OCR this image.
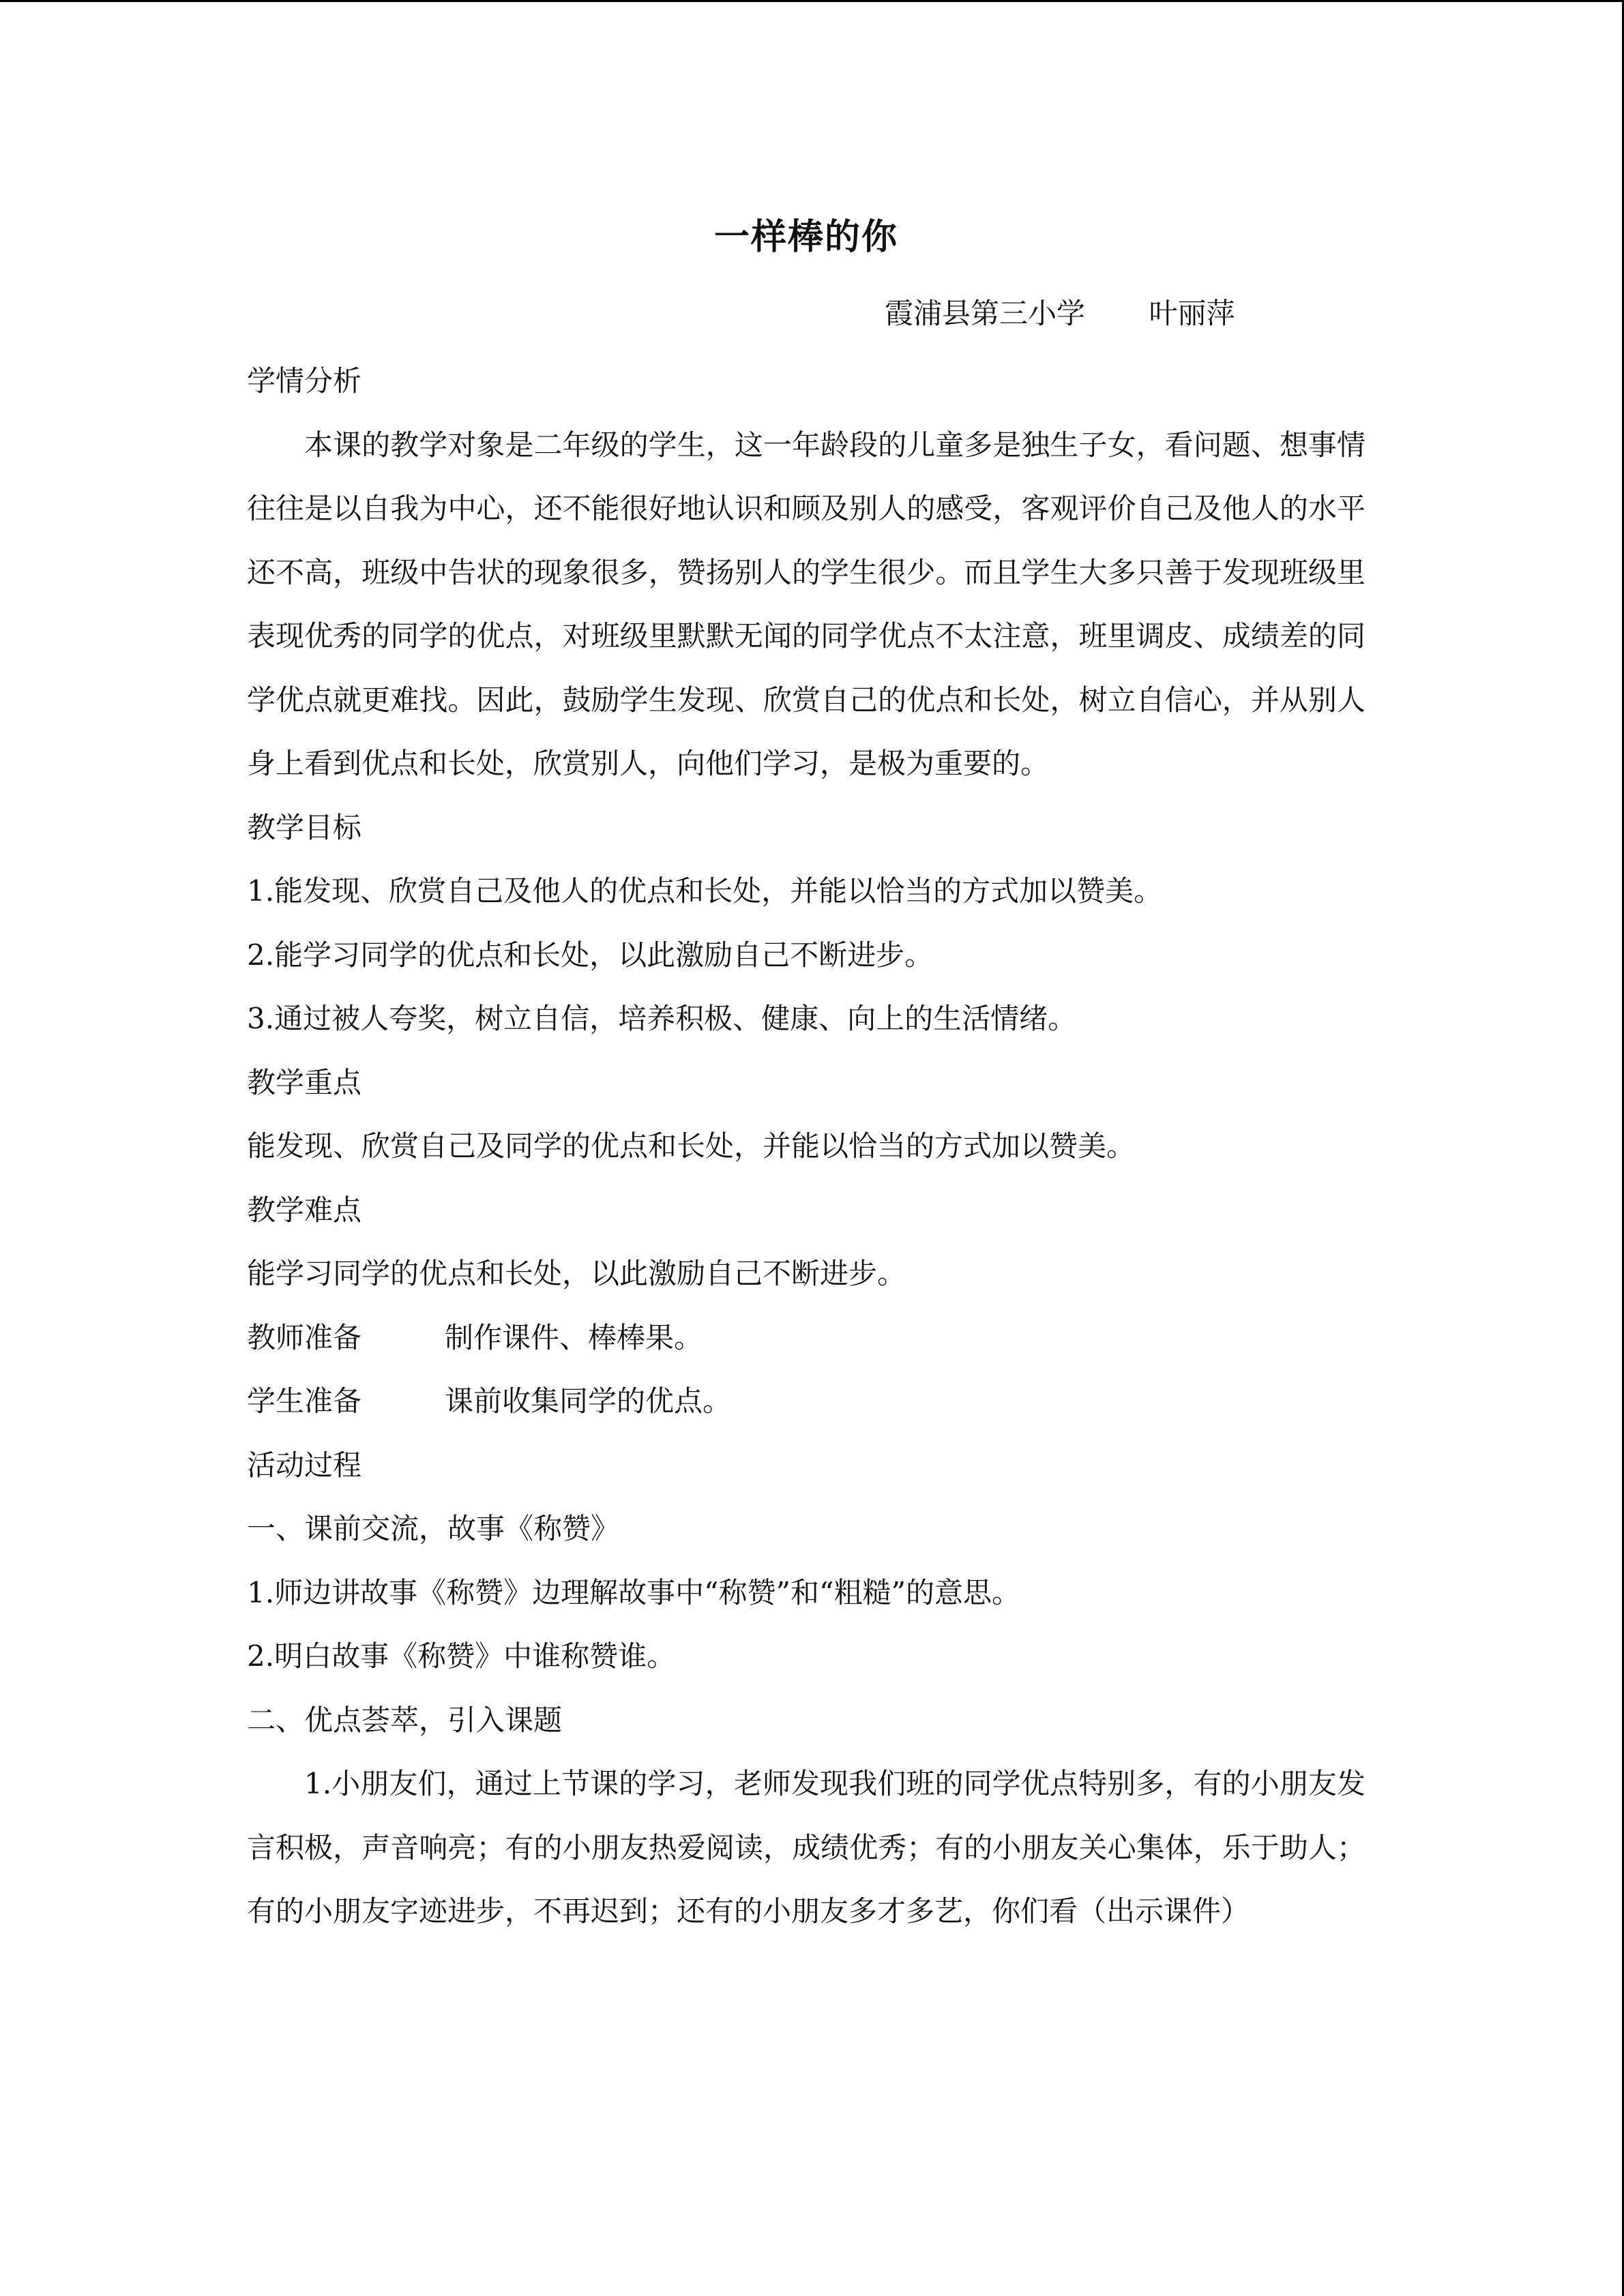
一样棒的你
霞浦县第三小学 叶丽萍

学情分析

本课的教学对象是二年级的学生，这一年龄段的儿童多是独生子女，看问题、想事情往往是以自我为中心，还不能很好地认识和顾及别人的感受，客观评价自己及他人的水平还不高，班级中告状的现象很多，赞扬别人的学生很少。而且学生大多只善于发现班级里表现优秀的同学的优点，对班级里默默无闻的同学优点不太注意，班里调皮、成绩差的同学优点就更难找。因此，鼓励学生发现、欣赏自己的优点和长处，树立自信心，并从别人身上看到优点和长处，欣赏别人，向他们学习，是极为重要的。

教学目标

1.能发现、欣赏自己及他人的优点和长处，并能以恰当的方式加以赞美。

2.能学习同学的优点和长处，以此激励自己不断进步。

3.通过被人夸奖，树立自信，培养积极、健康、向上的生活情绪。

教学重点

能发现、欣赏自己及同学的优点和长处，并能以恰当的方式加以赞美。

教学难点

能学习同学的优点和长处，以此激励自己不断进步。

教师准备	制作课件、棒棒果。

学生准备	课前收集同学的优点。

活动过程

一、课前交流，故事《称赞》

1.师边讲故事《称赞》边理解故事中“称赞”和“粗糙”的意思。

2.明白故事《称赞》中谁称赞谁。

二、优点荟萃，引入课题

1.小朋友们，通过上节课的学习，老师发现我们班的同学优点特别多，有的小朋友发言积极，声音响亮；有的小朋友热爱阅读，成绩优秀；有的小朋友关心集体，乐于助人；有的小朋友字迹进步，不再迟到；还有的小朋友多才多艺，你们看（出示课件）
